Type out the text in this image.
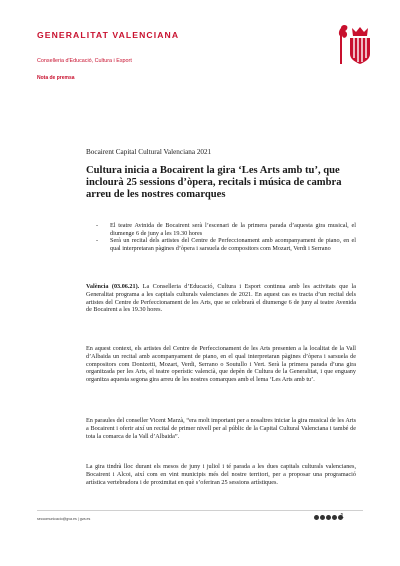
GENERALITAT VALENCIANA
Conselleria d'Educació, Cultura i Esport
Nota de premsa
Bocairent Capital Cultural Valenciana 2021
Cultura inicia a Bocairent la gira ‘Les Arts amb tu’, que inclourà 25 sessions d’òpera, recitals i música de cambra arreu de les nostres comarques
- El teatre Avinida de Bocairent serà l’escenari de la primera parada d’aquesta gira musical, el diumenge 6 de juny a les 19.30 hores
- Serà un recital dels artistes del Centre de Perfeccionament amb acompanyament de piano, en el qual interpretaran pàgines d’òpera i sarsuela de compositors com Mozart, Verdi i Serrano

València (03.06.21). La Conselleria d’Educació, Cultura i Esport continua amb les activitats que la Generalitat programa a les capitals culturals valencianes de 2021. En aquest cas es tracta d’un recital dels artistes del Centre de Perfeccionament de les Arts, que se celebrarà el diumenge 6 de juny al teatre Avenida de Bocairent a les 19.30 hores.

En aquest context, els artistes del Centre de Perfeccionament de les Arts presenten a la localitat de la Vall d’Albaida un recital amb acompanyament de piano, en el qual interpretaran pàgines d’òpera i sarsuela de compositors com Donizetti, Mozart, Verdi, Serrano o Soutullo i Vert. Serà la primera parada d’una gira organitzada per les Arts, el teatre operístic valencià, que depèn de Cultura de la Generalitat, i que enguany organitza aquesta segona gira arreu de les nostres comarques amb el lema ‘Les Arts amb tu’.

En paraules del conseller Vicent Marzà, “era molt important per a nosaltres iniciar la gira musical de les Arts a Bocairent i oferir així un recital de primer nivell per al públic de la Capital Cultural Valenciana i també de tota la comarca de la Vall d’Albaida”.

La gira tindrà lloc durant els mesos de juny i juliol i té parada a les dues capitals culturals valencianes, Bocairent i Alcoi, així com en vint municipis més del nostre territori, per a proposar una programació artística vertebradora i de proximitat en què s’oferiran 25 sessions artístiques.

seccomunicacio@gva.es | gva.es	1
